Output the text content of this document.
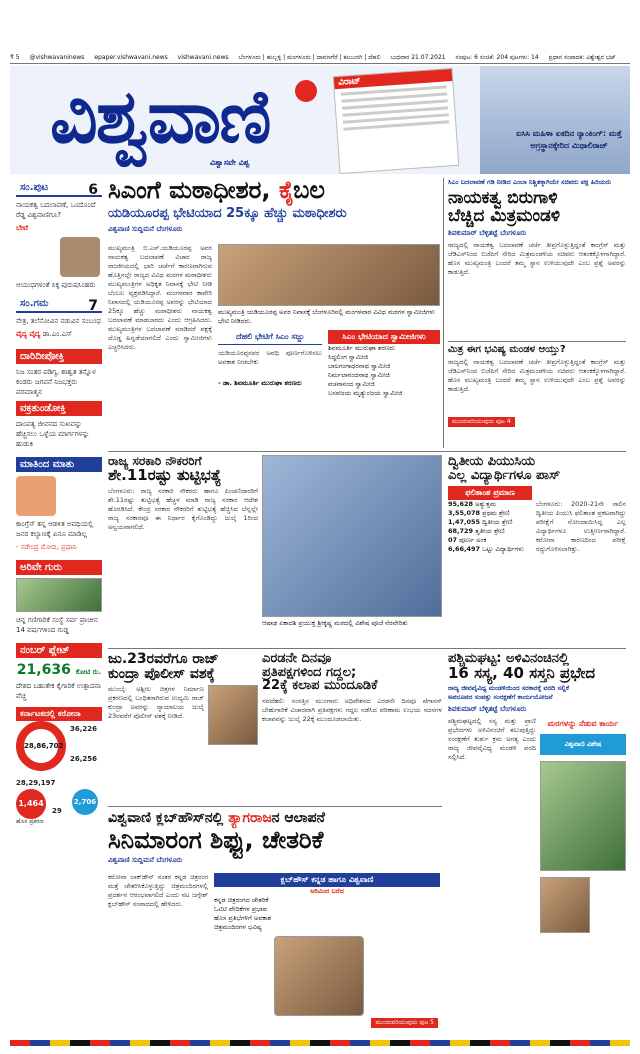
₹ 5 @vishwavaninews epaper.vishwavani.news vishwavani.news ಬೆಂಗಳೂರು | ಹುಬ್ಬಳ್ಳಿ | ಮಂಗಳೂರು | ದಾವಣಗೆರೆ | ಕಲಬುರಗಿ | ದೆಹಲಿ ಬುಧವಾರ 21.07.2021 ಸಂಪುಟ: 6 ಸಂಚಿಕೆ: 204 ಪುಟಗಳು: 14 ಪ್ರಧಾನ ಸಂಪಾದಕ: ವಿಶ್ವೇಶ್ವರ ಭಟ್
ವಿಶ್ವವಾಣಿ
ವಿಶ್ವಾಸವೇ ವಿಶ್ವ
ವಿರಾಟ್
ಐಸಿಸಿ ಮಹಿಳಾ ಏಕದಿನ ರ‍್ಯಾಂಕಿಂಗ್: ಮತ್ತೆ ಅಗ್ರಸ್ಥಾನಕ್ಕೇರಿದ ಮಿಥಾಲಿರಾಜ್
ಸಂ.ಪುಟ	6
ನಾಯಕತ್ವ ಬದಲಾವಣೆ, ಒಂದೊಂದೆ ರೆಡ್ಡ ವಿಶ್ವವಾಣಿಗೂ?
ಬೇಟೆ
ಆಯುಧಗಳಂತೆ ಸಿಕ್ಕ ಪುರುಷಸಿಂಹರು
ಸಂ.ಗಮ	7
ನೇತ್ರ, ತಲೆನೋವಿನ ನಡುವಿನ ಸಂಬಂಧ
ವೈದ್ಯ ವೈದ್ಯ ಡಾ.ಎಂ.ಎಸ್
ದಾರಿದೀಪೋಕ್ತಿ
ನಿಜ ಸಂತರ ಪಡಿಗ್ಯ, ಶಾಶ್ವತ ತನ್ನೊಳ ಕಂಡರು ಜಗವನೆ ನಿಜಭಕ್ತರು ಪರಮಾತ್ಮನ
ವಕ್ರತುಂಡೋಕ್ತಿ
ದಾಂಪತ್ಯ ಜೀವನದ ಸುಖವನ್ನು ಹೆಚ್ಚಿಸಲು ಒಳ್ಳೆಯ ಮಾರ್ಗಗಳನ್ನು ಹುಡುಕಿ
ಮಾತಿಂದ ಮಾತು
ಕಾಂಗ್ರೆಸ್ ತನ್ನ ಆಡಳಿತ ಅವಧಿಯಲ್ಲಿ ಜನರ ಕಲ್ಯಾಣಕ್ಕೆ ಏನೂ ಮಾಡಿಲ್ಲ
- ನರೇಂದ್ರ ಮೋದಿ, ಪ್ರಧಾನಿ
ಅರಿವೇ ಗುರು
ಚಿನ್ನ ಗಣಿಗಾರಿಕೆ ಸಂಸ್ಥೆ ಸರ್ವ ಪ್ರಾಚೀನ 14 ವರ್ಷಗಳಿಂದ ಗುಡ್ಡ
ನಂಬರ್ ಪ್ಲೇಟ್
21,636 ಕೋಟಿ ರು.
ದೇಶದ ಬಹುತೇಕ ಕೈಗಾರಿಕೆ ಉತ್ಪಾದನಾ ವೆಚ್ಚ
ಕರ್ನಾಟಕದಲ್ಲಿ ಕರೋನಾ
28,86,702
36,226
28,29,197
26,256
1,464
ಹೊಸ ಪ್ರಕರಣ
2,706
29
ಸಿಎಂಗೆ ಮಠಾಧೀಶರ, ಕೈಬಲ
ಯಡಿಯೂರಪ್ಪ ಭೇಟಿಯಾದ 25ಕ್ಕೂ ಹೆಚ್ಚು ಮಠಾಧೀಶರು
ವಿಶ್ವವಾಣಿ ಸುದ್ದಿಮನೆ ಬೆಂಗಳೂರು
ಮುಖ್ಯಮಂತ್ರಿ ಬಿ.ಎಸ್.ಯಡಿಯೂರಪ್ಪ ಅವರ ನಾಯಕತ್ವ ಬದಲಾವಣೆ ವಿಚಾರ ರಾಜ್ಯ ರಾಜಕೀಯದಲ್ಲಿ ಭಾರಿ ಚರ್ಚೆಗೆ ಕಾರಣವಾಗಿರುವ ಹೊತ್ತಿನಲ್ಲೇ ರಾಜ್ಯದ ವಿವಿಧ ಮಠಗಳ ಮಠಾಧೀಶರು ಮುಖ್ಯಮಂತ್ರಿಗಳ ಅಧಿಕೃತ ನಿವಾಸಕ್ಕೆ ಭೇಟಿ ನೀಡಿ ಬೆಂಬಲ ವ್ಯಕ್ತಪಡಿಸಿದ್ದಾರೆ. ಮಂಗಳವಾರ ಕಾವೇರಿ ನಿವಾಸದಲ್ಲಿ ಯಡಿಯೂರಪ್ಪ ಅವರನ್ನು ಭೇಟಿಯಾದ 25ಕ್ಕೂ ಹೆಚ್ಚು ಮಠಾಧೀಶರು ನಾಯಕತ್ವ ಬದಲಾವಣೆ ಮಾಡಬಾರದು ಎಂದು ಆಗ್ರಹಿಸಿದರು. ಮುಖ್ಯಮಂತ್ರಿಗಳ ಬದಲಾವಣೆ ಮಾಡಿದರೆ ಪಕ್ಷಕ್ಕೆ ದೊಡ್ಡ ಹಿನ್ನಡೆಯಾಗಲಿದೆ ಎಂದು ಸ್ವಾಮೀಜಿಗಳು ಎಚ್ಚರಿಸಿದರು.
ಮುಖ್ಯಮಂತ್ರಿ ಯಡಿಯೂರಪ್ಪ ಅವರ ನಿವಾಸಕ್ಕೆ ಬೆಂಗಳೂರಿನಲ್ಲಿ ಮಂಗಳವಾರ ವಿವಿಧ ಮಠಗಳ ಸ್ವಾಮೀಜಿಗಳು ಭೇಟಿ ನೀಡಿದರು.
ದೆಹಲಿ ಭೇಟಿಗೆ ಸಿಎಂ ಸಜ್ಜು
ಯಡಿಯೂರಪ್ಪನವರ ಅವಧಿ ಪೂರ್ಣಗೊಳಿಸಲು ಅವಕಾಶ ನೀಡಬೇಕು
- ಡಾ. ಶಿವಮೂರ್ತಿ ಮುರುಘಾ ಶರಣರು
ಸಿಎಂ ಭೇಟಿಯಾದ ಸ್ವಾಮೀಜಿಗಳು
ಶಿವಮೂರ್ತಿ ಮುರುಘಾ ಶರಣರು
ಸಿದ್ಧಲಿಂಗ ಸ್ವಾಮೀಜಿ
ಬಾಲಗಂಗಾಧರನಾಥ ಸ್ವಾಮೀಜಿ
ನಿರ್ಮಲಾನಂದನಾಥ ಸ್ವಾಮೀಜಿ
ವಚನಾನಂದ ಸ್ವಾಮೀಜಿ
ಬಸವಜಯ ಮೃತ್ಯುಂಜಯ ಸ್ವಾಮೀಜಿ
ಸಿಎಂ ಬದಲಾವಣೆ ಗಡಿ ನೀಡಿದ ಎಂಬಾ ನಿಶ್ಚಿತಕ್ಕಾಗಿಯೇ ಸಚಿವರು ಪಕ್ಷ ಹಿರಿಯರು
ನಾಯಕತ್ವ ಬಿರುಗಾಳಿ
ಬೆಚ್ಚಿದ ಮಿತ್ರಮಂಡಳಿ
ಶಿವಕುಮಾರ್ ಬೆಳ್ಳಿತಟ್ಟೆ ಬೆಂಗಳೂರು
ರಾಜ್ಯದಲ್ಲಿ ನಾಯಕತ್ವ ಬದಲಾವಣೆ ಚರ್ಚೆ ತೀವ್ರಗೊಳ್ಳುತ್ತಿದ್ದಂತೆ ಕಾಂಗ್ರೆಸ್ ಮತ್ತು ಜೆಡಿಎಸ್‌ನಿಂದ ಬಿಜೆಪಿಗೆ ಸೇರಿದ ಮಿತ್ರಮಂಡಳಿಯ ಸಚಿವರು ಆತಂಕಕ್ಕೊಳಗಾಗಿದ್ದಾರೆ. ಹೊಸ ಮುಖ್ಯಮಂತ್ರಿ ಬಂದರೆ ತಮ್ಮ ಸ್ಥಾನ ಉಳಿಯುವುದೇ ಎಂಬ ಪ್ರಶ್ನೆ ಅವರನ್ನು ಕಾಡುತ್ತಿದೆ.
ಮಿತ್ರ ಈಗ ಭವಿಷ್ಯ ಮಂಡಳ ಆಯ್ತು?
ರಾಜ್ಯದಲ್ಲಿ ನಾಯಕತ್ವ ಬದಲಾವಣೆ ಚರ್ಚೆ ತೀವ್ರಗೊಳ್ಳುತ್ತಿದ್ದಂತೆ ಕಾಂಗ್ರೆಸ್ ಮತ್ತು ಜೆಡಿಎಸ್‌ನಿಂದ ಬಿಜೆಪಿಗೆ ಸೇರಿದ ಮಿತ್ರಮಂಡಳಿಯ ಸಚಿವರು ಆತಂಕಕ್ಕೊಳಗಾಗಿದ್ದಾರೆ. ಹೊಸ ಮುಖ್ಯಮಂತ್ರಿ ಬಂದರೆ ತಮ್ಮ ಸ್ಥಾನ ಉಳಿಯುವುದೇ ಎಂಬ ಪ್ರಶ್ನೆ ಅವರನ್ನು ಕಾಡುತ್ತಿದೆ.
ಮುಂದುವರಿಯುವುದು ಪುಟ 4
ರಾಜ್ಯ ಸರಕಾರಿ ನೌಕರರಿಗೆ
ಶೇ.11ರಷ್ಟು ತುಟ್ಟಿಭತ್ಯೆ
ಬೆಂಗಳೂರು: ರಾಜ್ಯ ಸರಕಾರಿ ನೌಕರರು ಹಾಗೂ ಪಿಂಚಣಿದಾರರಿಗೆ ಶೇ.11ರಷ್ಟು ತುಟ್ಟಿಭತ್ಯೆ ಹೆಚ್ಚಳ ಮಾಡಿ ರಾಜ್ಯ ಸರಕಾರ ಆದೇಶ ಹೊರಡಿಸಿದೆ. ಕೇಂದ್ರ ಸರಕಾರ ನೌಕರರಿಗೆ ತುಟ್ಟಿಭತ್ಯೆ ಹೆಚ್ಚಿಸಿದ ಬೆನ್ನಲ್ಲೇ ರಾಜ್ಯ ಸರಕಾರವೂ ಈ ನಿರ್ಧಾರ ಕೈಗೊಂಡಿದ್ದು ಜುಲೈ 1ರಿಂದ ಅನ್ವಯವಾಗಲಿದೆ.
ಆಷಾಢ ಏಕಾದಶಿ ಪ್ರಯುಕ್ತ ಶ್ರೀಕೃಷ್ಣ ಮಠದಲ್ಲಿ ವಿಶೇಷ ಪೂಜೆ ನೆರವೇರಿತು
ದ್ವಿತೀಯ ಪಿಯುಸಿಯ
ಎಲ್ಲ ವಿದ್ಯಾರ್ಥಿಗಳೂ ಪಾಸ್
ಫಲಿತಾಂಶ ಪ್ರಮಾಣ
95,628 ಅತ್ಯುತ್ತಮ
3,55,078 ಪ್ರಥಮ ಶ್ರೇಣಿ
1,47,055 ದ್ವಿತೀಯ ಶ್ರೇಣಿ
68,729 ತೃತೀಯ ಶ್ರೇಣಿ
07 ಪೂರ್ಣ ಅಂಕ
6,66,497 ಒಟ್ಟು ವಿದ್ಯಾರ್ಥಿಗಳು
ಬೆಂಗಳೂರು: 2020-21ನೇ ಸಾಲಿನ ದ್ವಿತೀಯ ಪಿಯುಸಿ ಫಲಿತಾಂಶ ಪ್ರಕಟವಾಗಿದ್ದು ಪರೀಕ್ಷೆಗೆ ನೋಂದಾಯಿಸಿದ್ದ ಎಲ್ಲ ವಿದ್ಯಾರ್ಥಿಗಳೂ ಉತ್ತೀರ್ಣರಾಗಿದ್ದಾರೆ. ಕರೋನಾ ಕಾರಣದಿಂದ ಪರೀಕ್ಷೆ ರದ್ದುಗೊಳಿಸಲಾಗಿತ್ತು.
ಜು.23ರವರೆಗೂ ರಾಜ್
ಕುಂದ್ರಾ ಪೊಲೀಸ್ ವಶಕ್ಕೆ
ಮುಂಬೈ: ಅಶ್ಲೀಲ ಚಿತ್ರಗಳ ನಿರ್ಮಾಣ ಪ್ರಕರಣದಲ್ಲಿ ಬಂಧಿತರಾಗಿರುವ ಉದ್ಯಮಿ ರಾಜ್ ಕುಂದ್ರಾ ಅವರನ್ನು ನ್ಯಾಯಾಲಯ ಜುಲೈ 23ರವರೆಗೆ ಪೊಲೀಸ್ ವಶಕ್ಕೆ ನೀಡಿದೆ.
ಎರಡನೇ ದಿನವೂ
ಪ್ರತಿಪಕ್ಷಗಳಿಂದ ಗದ್ದಲ;
22ಕ್ಕೆ ಕಲಾಪ ಮುಂದೂಡಿಕೆ
ನವದೆಹಲಿ: ಸಂಸತ್ತಿನ ಮುಂಗಾರು ಅಧಿವೇಶನದ ಎರಡನೇ ದಿನವೂ ಪೆಗಾಸಸ್ ಬೇಹುಗಾರಿಕೆ ವಿಚಾರವಾಗಿ ಪ್ರತಿಪಕ್ಷಗಳು ಗದ್ದಲ ನಡೆಸಿದ ಪರಿಣಾಮ ಉಭಯ ಸದನಗಳ ಕಲಾಪವನ್ನು ಜುಲೈ 22ಕ್ಕೆ ಮುಂದೂಡಲಾಯಿತು.
ಪಶ್ಚಿಮಘಟ್ಟ: ಅಳಿವಿನಂಚಿನಲ್ಲಿ
16 ಸಸ್ಯ, 40 ಸಸ್ತನಿ ಪ್ರಭೇದ
ರಾಜ್ಯ ಜೀವವೈವಿಧ್ಯ ಮಂಡಳಿಯಿಂದ ಸರಕಾರಕ್ಕೆ ವರದಿ ಸಲ್ಲಿಕೆ
ಅಪರೂಪದ ಸಂಪತ್ತು ಸಂರಕ್ಷಣೆಗೆ ಕಾರ್ಯಯೋಜನೆ
ಶಿವಕುಮಾರ್ ಬೆಳ್ಳಿತಟ್ಟೆ ಬೆಂಗಳೂರು
ಪಶ್ಚಿಮಘಟ್ಟದಲ್ಲಿ ಸಸ್ಯ ಮತ್ತು ಪ್ರಾಣಿ ಪ್ರಭೇದಗಳು ಅಳಿವಿನಂಚಿಗೆ ತಲುಪುತ್ತಿದ್ದು ಸಂರಕ್ಷಣೆಗೆ ತುರ್ತು ಕ್ರಮ ಅಗತ್ಯ ಎಂದು ರಾಜ್ಯ ಜೀವವೈವಿಧ್ಯ ಮಂಡಳಿ ವರದಿ ಸಲ್ಲಿಸಿದೆ.
ಮರಗಳನ್ನು ನೆಡುವ ಕಾರ್ಯ
ವಿಶ್ವವಾಣಿ ವಿಶೇಷ
ವಿಶ್ವವಾಣಿ ಕ್ಲಬ್‌ಹೌಸ್‌ನಲ್ಲಿ ತ್ಯಾಗರಾಜನ ಆಲಾಪನೆ
ಸಿನಿಮಾರಂಗ ಶಿಫ್ಟು, ಚೇತರಿಕೆ
ವಿಶ್ವವಾಣಿ ಸುದ್ದಿಮನೆ ಬೆಂಗಳೂರು
ಕರೋನಾ ಲಾಕ್‌ಡೌನ್ ನಂತರ ಕನ್ನಡ ಚಿತ್ರರಂಗ ಮತ್ತೆ ಚೇತರಿಸಿಕೊಳ್ಳುತ್ತಿದ್ದು ಚಿತ್ರಮಂದಿರಗಳಲ್ಲಿ ಪ್ರದರ್ಶನ ಆರಂಭವಾಗಲಿದೆ ಎಂದು ನಟ ಜಗ್ಗೇಶ್ ಕ್ಲಬ್‌ಹೌಸ್ ಸಂವಾದದಲ್ಲಿ ಹೇಳಿದರು.
ಕ್ಲಬ್‌ಹೌಸ್ ಕನ್ನಡ ಹಾಗೂ ವಿಶ್ವವಾಣಿ
ಅರಿವಿಂದ ಬರೆದ
ಕನ್ನಡ ಚಿತ್ರರಂಗದ ಚೇತರಿಕೆ
ಓಟಿಟಿ ವೇದಿಕೆಗಳ ಪ್ರಭಾವ
ಹೊಸ ಪ್ರತಿಭೆಗಳಿಗೆ ಅವಕಾಶ
ಚಿತ್ರಮಂದಿರಗಳ ಭವಿಷ್ಯ
ಮುಂದುವರಿಯುವುದು ಪುಟ 5
